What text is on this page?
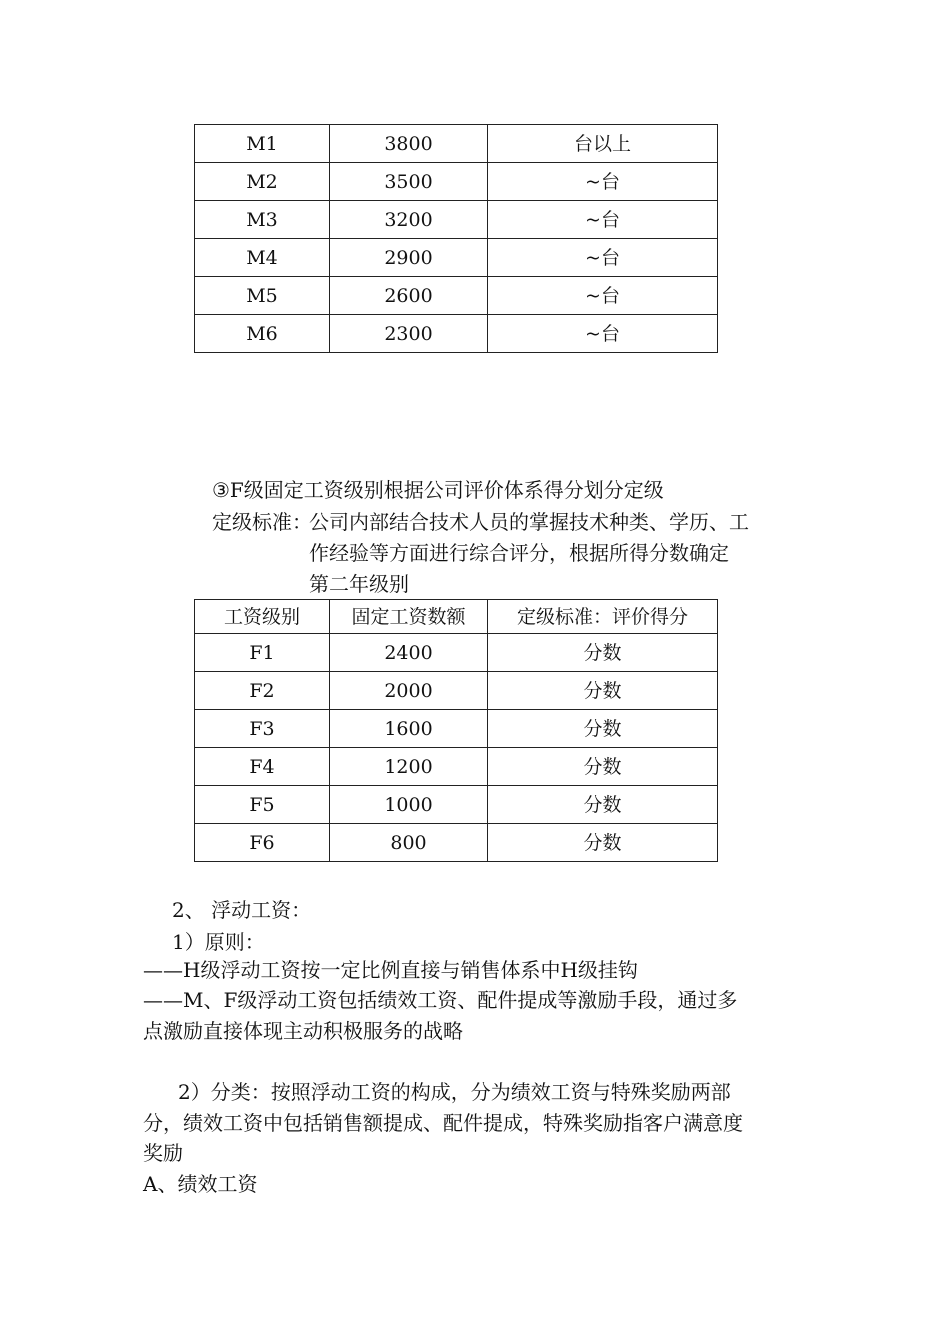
M1	3800	台以上
M2	3500	~台
M3	3200	~台
M4	2900	~台
M5	2600	~台
M6	2300	~台
③F级固定工资级别根据公司评价体系得分划分定级
定级标准：
公司内部结合技术人员的掌握技术种类、学历、工
作经验等方面进行综合评分，根据所得分数确定
第二年级别
工资级别	固定工资数额	定级标准：评价得分
F1	2400	分数
F2	2000	分数
F3	1600	分数
F4	1200	分数
F5	1000	分数
F6	800	分数
2、 浮动工资：
1）原则：
——H级浮动工资按一定比例直接与销售体系中H级挂钩
——M、F级浮动工资包括绩效工资、配件提成等激励手段，通过多
点激励直接体现主动积极服务的战略
2）分类：按照浮动工资的构成，分为绩效工资与特殊奖励两部
分，绩效工资中包括销售额提成、配件提成，特殊奖励指客户满意度
奖励
A、绩效工资
